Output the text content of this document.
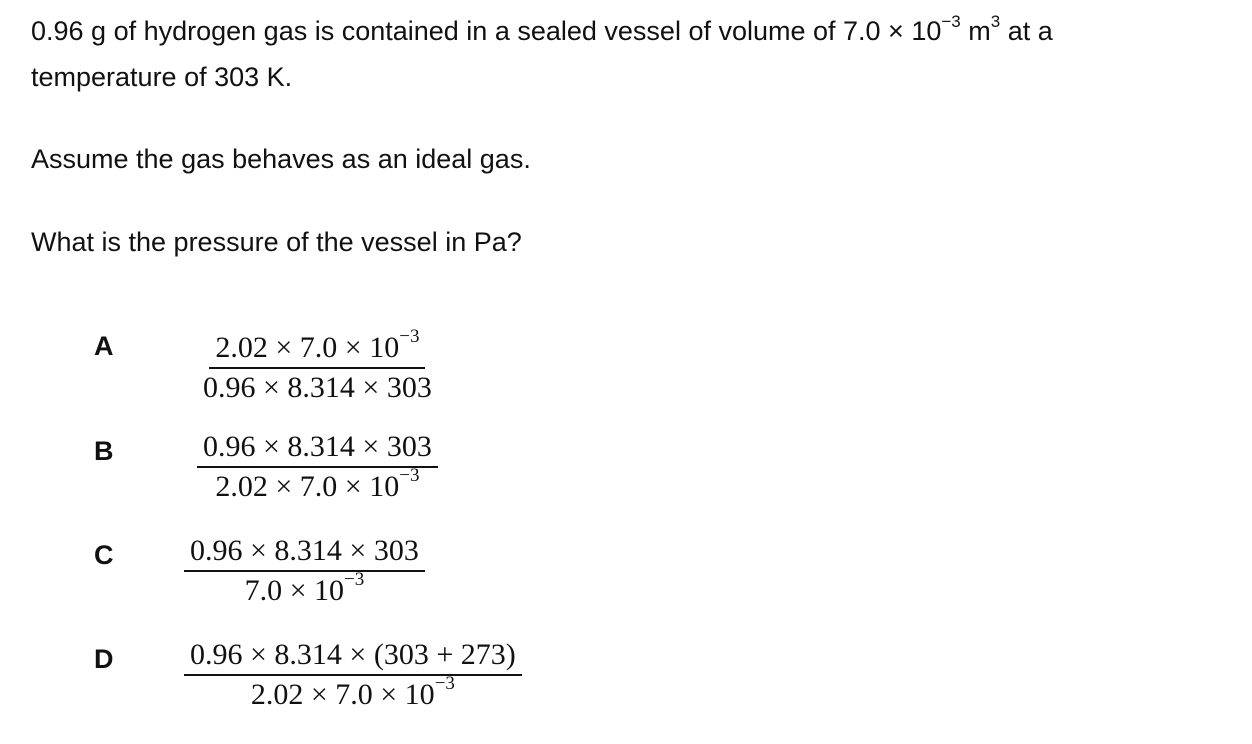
0.96 g of hydrogen gas is contained in a sealed vessel of volume of $7.0 \times 10^{-3}$ $m^3$ at a
temperature of 303 K.

Assume the gas behaves as an ideal gas.

What is the pressure of the vessel in Pa?

A	$\frac{2.02 \times 7.0 \times 10^{-3}}{0.96 \times 8.314 \times 303}$
B	$\frac{0.96 \times 8.314 \times 303}{2.02 \times 7.0 \times 10^{-3}}$
C $\frac{0.96 \times 8.314 \times 303}{7.0 \times 10^{-3}}$
D $\frac{0.96 \times 8.314 \times (303 + 273)}{2.02 \times 7.0 \times 10^{-3}}$
